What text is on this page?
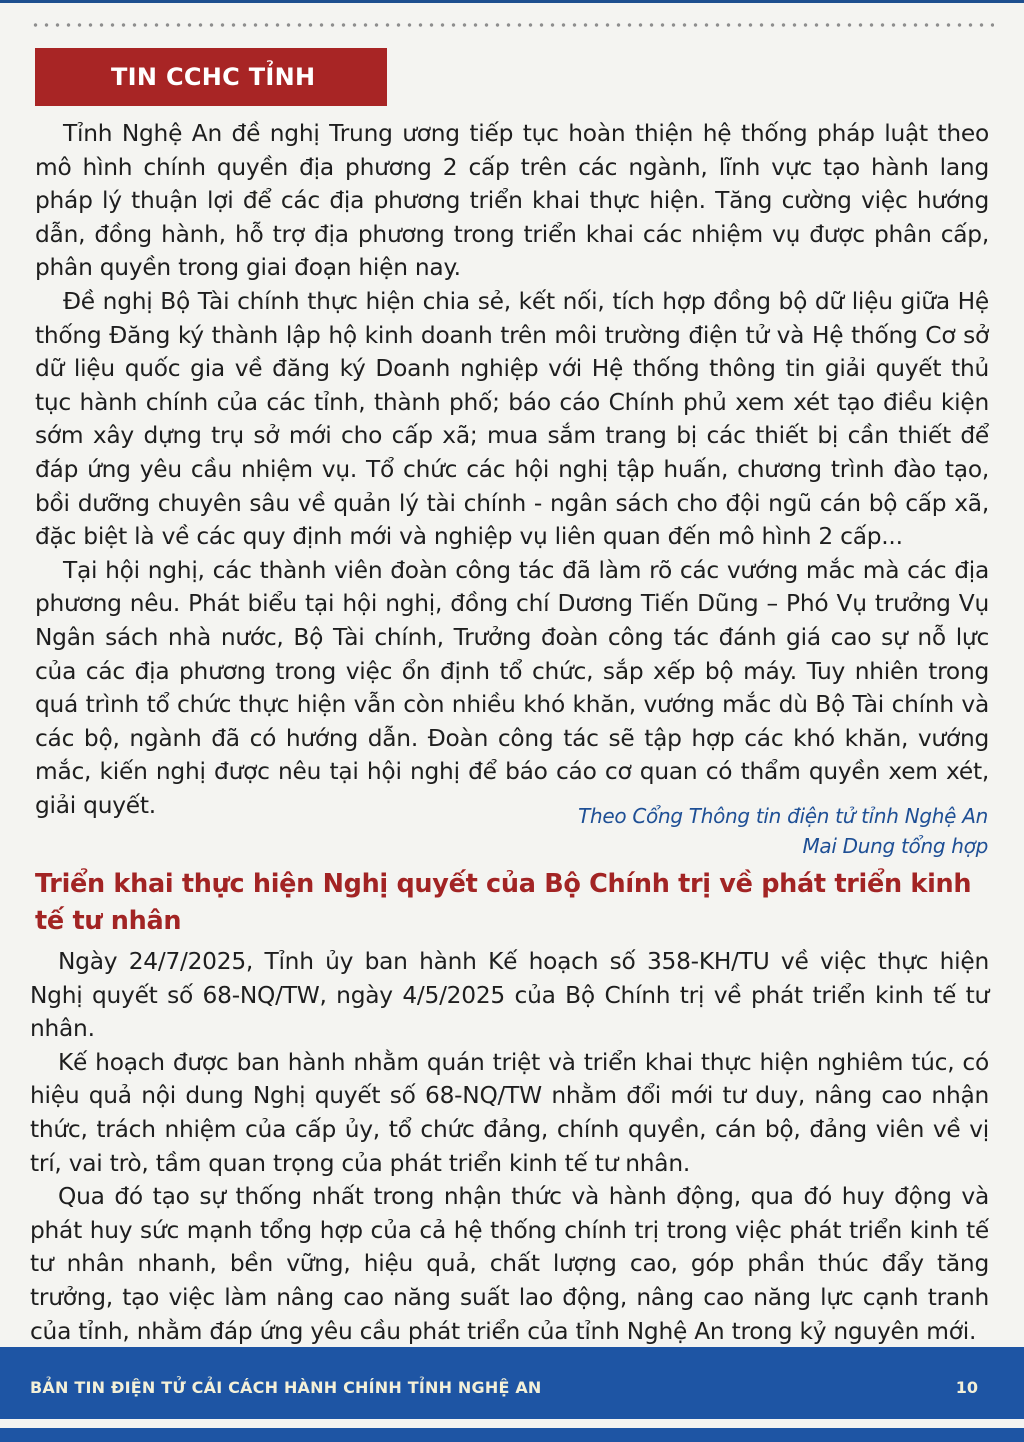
TIN CCHC TỈNH

Tỉnh Nghệ An đề nghị Trung ương tiếp tục hoàn thiện hệ thống pháp luật theo mô hình chính quyền địa phương 2 cấp trên các ngành, lĩnh vực tạo hành lang pháp lý thuận lợi để các địa phương triển khai thực hiện. Tăng cường việc hướng dẫn, đồng hành, hỗ trợ địa phương trong triển khai các nhiệm vụ được phân cấp, phân quyền trong giai đoạn hiện nay.

Đề nghị Bộ Tài chính thực hiện chia sẻ, kết nối, tích hợp đồng bộ dữ liệu giữa Hệ thống Đăng ký thành lập hộ kinh doanh trên môi trường điện tử và Hệ thống Cơ sở dữ liệu quốc gia về đăng ký Doanh nghiệp với Hệ thống thông tin giải quyết thủ tục hành chính của các tỉnh, thành phố; báo cáo Chính phủ xem xét tạo điều kiện sớm xây dựng trụ sở mới cho cấp xã; mua sắm trang bị các thiết bị cần thiết để đáp ứng yêu cầu nhiệm vụ. Tổ chức các hội nghị tập huấn, chương trình đào tạo, bồi dưỡng chuyên sâu về quản lý tài chính - ngân sách cho đội ngũ cán bộ cấp xã, đặc biệt là về các quy định mới và nghiệp vụ liên quan đến mô hình 2 cấp...

Tại hội nghị, các thành viên đoàn công tác đã làm rõ các vướng mắc mà các địa phương nêu. Phát biểu tại hội nghị, đồng chí Dương Tiến Dũng – Phó Vụ trưởng Vụ Ngân sách nhà nước, Bộ Tài chính, Trưởng đoàn công tác đánh giá cao sự nỗ lực của các địa phương trong việc ổn định tổ chức, sắp xếp bộ máy. Tuy nhiên trong quá trình tổ chức thực hiện vẫn còn nhiều khó khăn, vướng mắc dù Bộ Tài chính và các bộ, ngành đã có hướng dẫn. Đoàn công tác sẽ tập hợp các khó khăn, vướng mắc, kiến nghị được nêu tại hội nghị để báo cáo cơ quan có thẩm quyền xem xét, giải quyết.	Theo Cổng Thông tin điện tử tỉnh Nghệ An
Mai Dung tổng hợp
Triển khai thực hiện Nghị quyết của Bộ Chính trị về phát triển kinh tế tư nhân

Ngày 24/7/2025, Tỉnh ủy ban hành Kế hoạch số 358-KH/TU về việc thực hiện Nghị quyết số 68-NQ/TW, ngày 4/5/2025 của Bộ Chính trị về phát triển kinh tế tư nhân.

Kế hoạch được ban hành nhằm quán triệt và triển khai thực hiện nghiêm túc, có hiệu quả nội dung Nghị quyết số 68-NQ/TW nhằm đổi mới tư duy, nâng cao nhận thức, trách nhiệm của cấp ủy, tổ chức đảng, chính quyền, cán bộ, đảng viên về vị trí, vai trò, tầm quan trọng của phát triển kinh tế tư nhân.

Qua đó tạo sự thống nhất trong nhận thức và hành động, qua đó huy động và phát huy sức mạnh tổng hợp của cả hệ thống chính trị trong việc phát triển kinh tế tư nhân nhanh, bền vững, hiệu quả, chất lượng cao, góp phần thúc đẩy tăng trưởng, tạo việc làm nâng cao năng suất lao động, nâng cao năng lực cạnh tranh của tỉnh, nhằm đáp ứng yêu cầu phát triển của tỉnh Nghệ An trong kỷ nguyên mới.

BẢN TIN ĐIỆN TỬ CẢI CÁCH HÀNH CHÍNH TỈNH NGHỆ AN	10
